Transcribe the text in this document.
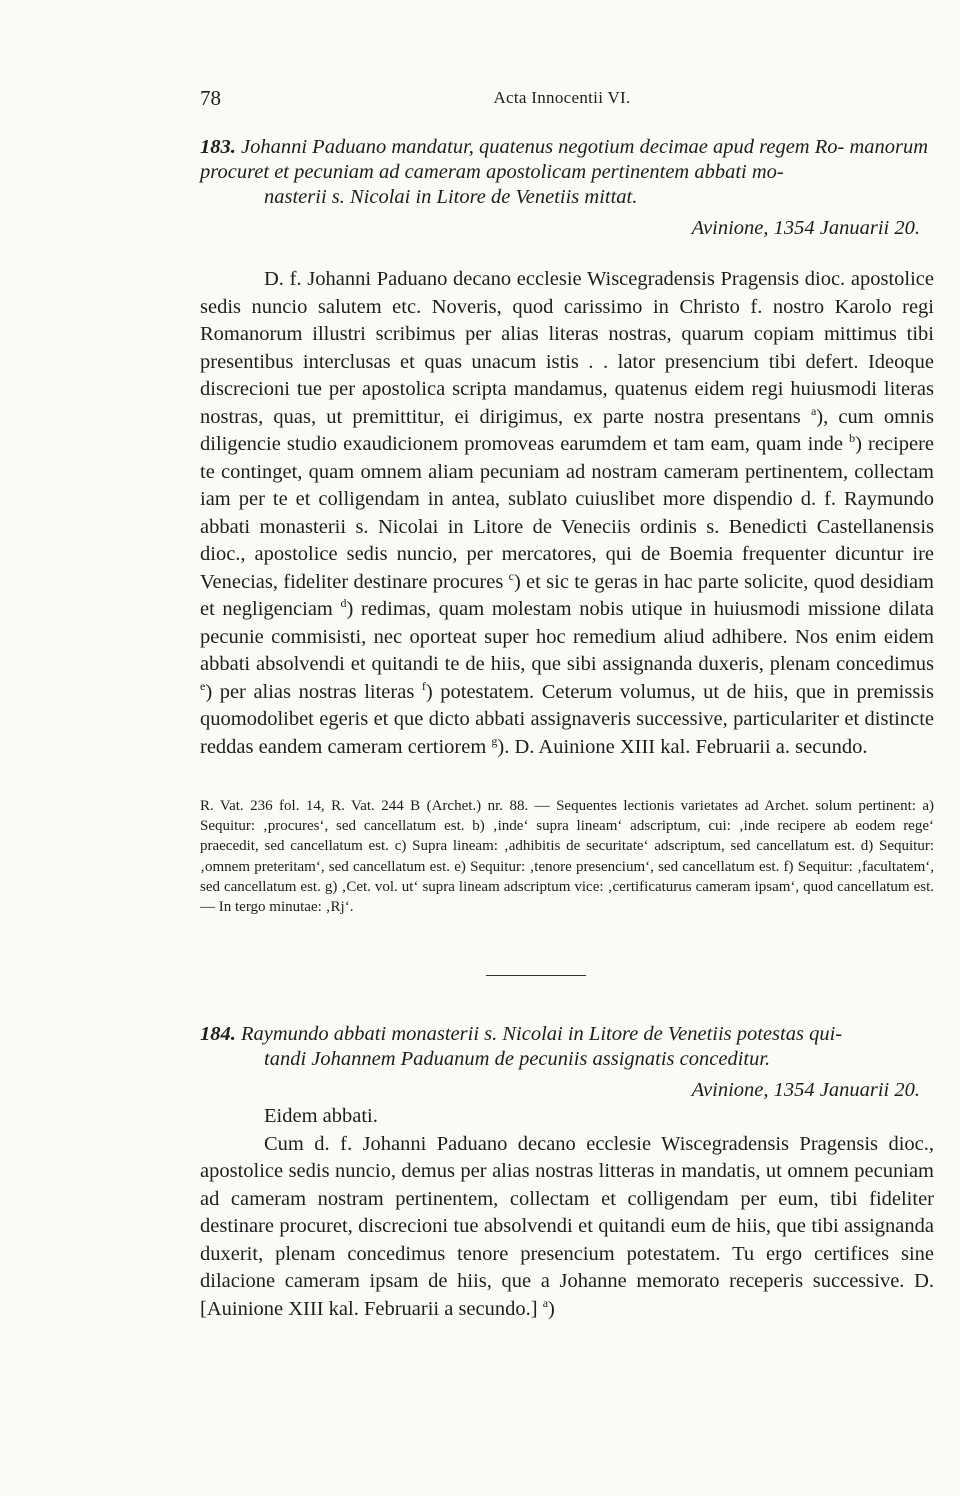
78	Acta Innocentii VI.

183. Johanni Paduano mandatur, quatenus negotium decimae apud regem Ro- manorum procuret et pecuniam ad cameram apostolicam pertinentem abbati mo-
nasterii s. Nicolai in Litore de Venetiis mittat.

Avinione, 1354 Januarii 20.

D. f. Johanni Paduano decano ecclesie Wiscegradensis Pragensis dioc. apostolice sedis nuncio salutem etc. Noveris, quod carissimo in Christo f. nostro Karolo regi Romanorum illustri scribimus per alias literas nostras, quarum copiam mittimus tibi presentibus interclusas et quas unacum istis . . lator presencium tibi defert. Ideoque discrecioni tue per apostolica scripta mandamus, quatenus eidem regi huiusmodi literas nostras, quas, ut premittitur, ei dirigimus, ex parte nostra presentans $^a$), cum omnis diligencie studio exaudicionem promoveas earumdem et tam eam, quam inde $^b$) recipere te continget, quam omnem aliam pecuniam ad nostram cameram pertinentem, collectam iam per te et colligendam in antea, sublato cuiuslibet more dispendio d. f. Raymundo abbati monasterii s. Nicolai in Litore de Veneciis ordinis s. Benedicti Castellanensis dioc., apostolice sedis nuncio, per mercatores, qui de Boemia frequenter dicuntur ire Venecias, fideliter destinare procures $^c$) et sic te geras in hac parte solicite, quod desidiam et negligenciam $^d$) redimas, quam molestam nobis utique in huiusmodi missione dilata pecunie commisisti, nec oporteat super hoc remedium aliud adhibere. Nos enim eidem abbati absolvendi et quitandi te de hiis, que sibi assignanda duxeris, plenam concedimus $^e$) per alias nostras literas $^f$) potestatem. Ceterum volumus, ut de hiis, que in premissis quomodolibet egeris et que dicto abbati assignaveris successive, particulariter et distincte reddas eandem cameram certiorem $^g$). D. Auinione XIII kal. Februarii a. secundo.

R. Vat. 236 fol. 14, R. Vat. 244 B (Archet.) nr. 88. — Sequentes lectionis varietates ad Archet. solum pertinent: a) Sequitur: ‚procures‘, sed cancellatum est. b) ‚inde‘ supra lineam‘ adscriptum, cui: ‚inde recipere ab eodem rege‘ praecedit, sed cancellatum est. c) Supra lineam: ‚adhibitis de securitate‘ adscriptum, sed cancellatum est. d) Sequitur: ‚omnem preteritam‘, sed cancellatum est. e) Sequitur: ‚tenore presencium‘, sed cancellatum est. f) Sequitur: ‚facultatem‘, sed cancellatum est. g) ‚Cet. vol. ut‘ supra lineam adscriptum vice: ‚certificaturus cameram ipsam‘, quod cancellatum est. — In tergo minutae: ‚Rj‘.

184. Raymundo abbati monasterii s. Nicolai in Litore de Venetiis potestas qui-
tandi Johannem Paduanum de pecuniis assignatis conceditur.

Avinione, 1354 Januarii 20.

Eidem abbati.

Cum d. f. Johanni Paduano decano ecclesie Wiscegradensis Pragensis dioc., apostolice sedis nuncio, demus per alias nostras litteras in mandatis, ut omnem pecuniam ad cameram nostram pertinentem, collectam et colligendam per eum, tibi fideliter destinare procuret, discrecioni tue absolvendi et quitandi eum de hiis, que tibi assignanda duxerit, plenam concedimus tenore presencium potestatem. Tu ergo certifices sine dilacione cameram ipsam de hiis, que a Johanne memorato receperis successive. D. [Auinione XIII kal. Februarii a secundo.] $^a$)
